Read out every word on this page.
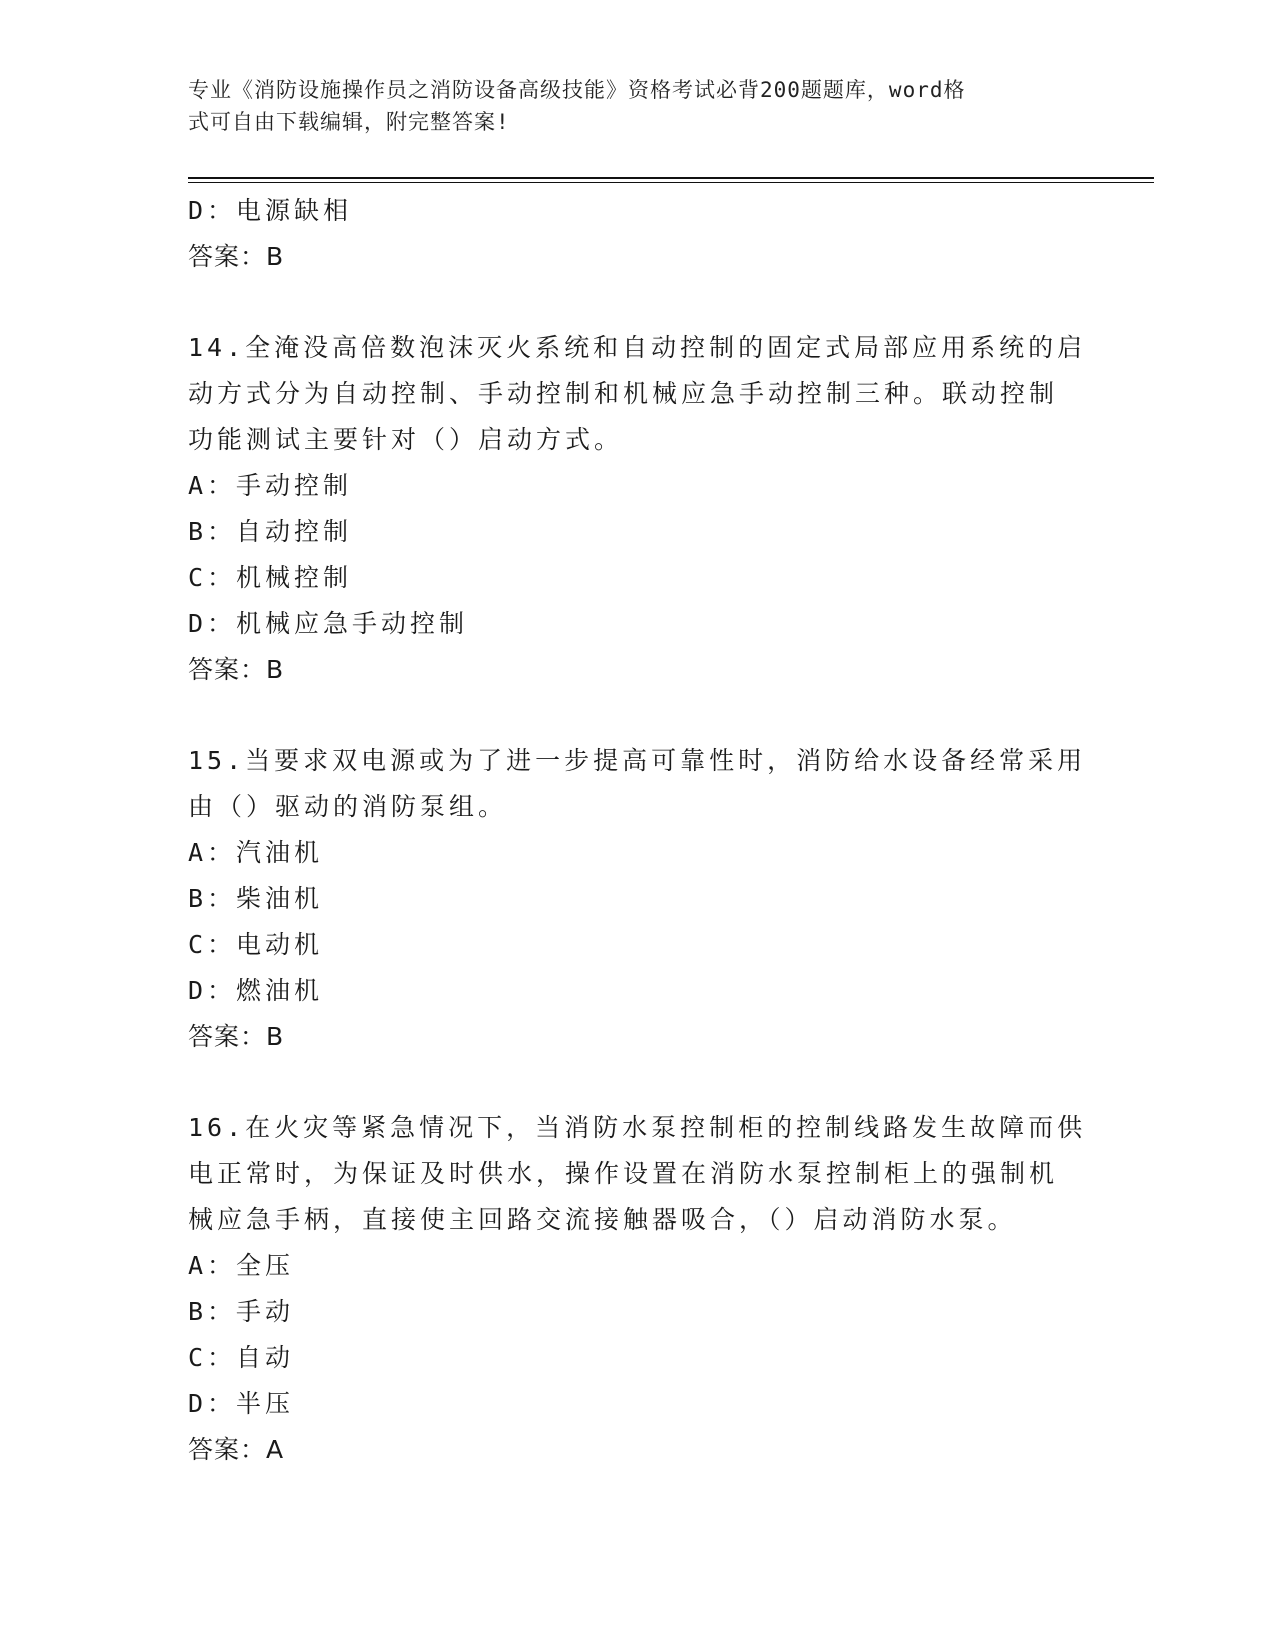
专业《消防设施操作员之消防设备高级技能》资格考试必背200题题库，word格
式可自由下载编辑，附完整答案!
D：电源缺相
答案：B
14.全淹没高倍数泡沫灭火系统和自动控制的固定式局部应用系统的启
动方式分为自动控制、手动控制和机械应急手动控制三种。联动控制
功能测试主要针对（）启动方式。
A：手动控制
B：自动控制
C：机械控制
D：机械应急手动控制
答案：B
15.当要求双电源或为了进一步提高可靠性时，消防给水设备经常采用
由（）驱动的消防泵组。
A：汽油机
B：柴油机
C：电动机
D：燃油机
答案：B
16.在火灾等紧急情况下，当消防水泵控制柜的控制线路发生故障而供
电正常时，为保证及时供水，操作设置在消防水泵控制柜上的强制机
械应急手柄，直接使主回路交流接触器吸合，（）启动消防水泵。
A：全压
B：手动
C：自动
D：半压
答案：A
